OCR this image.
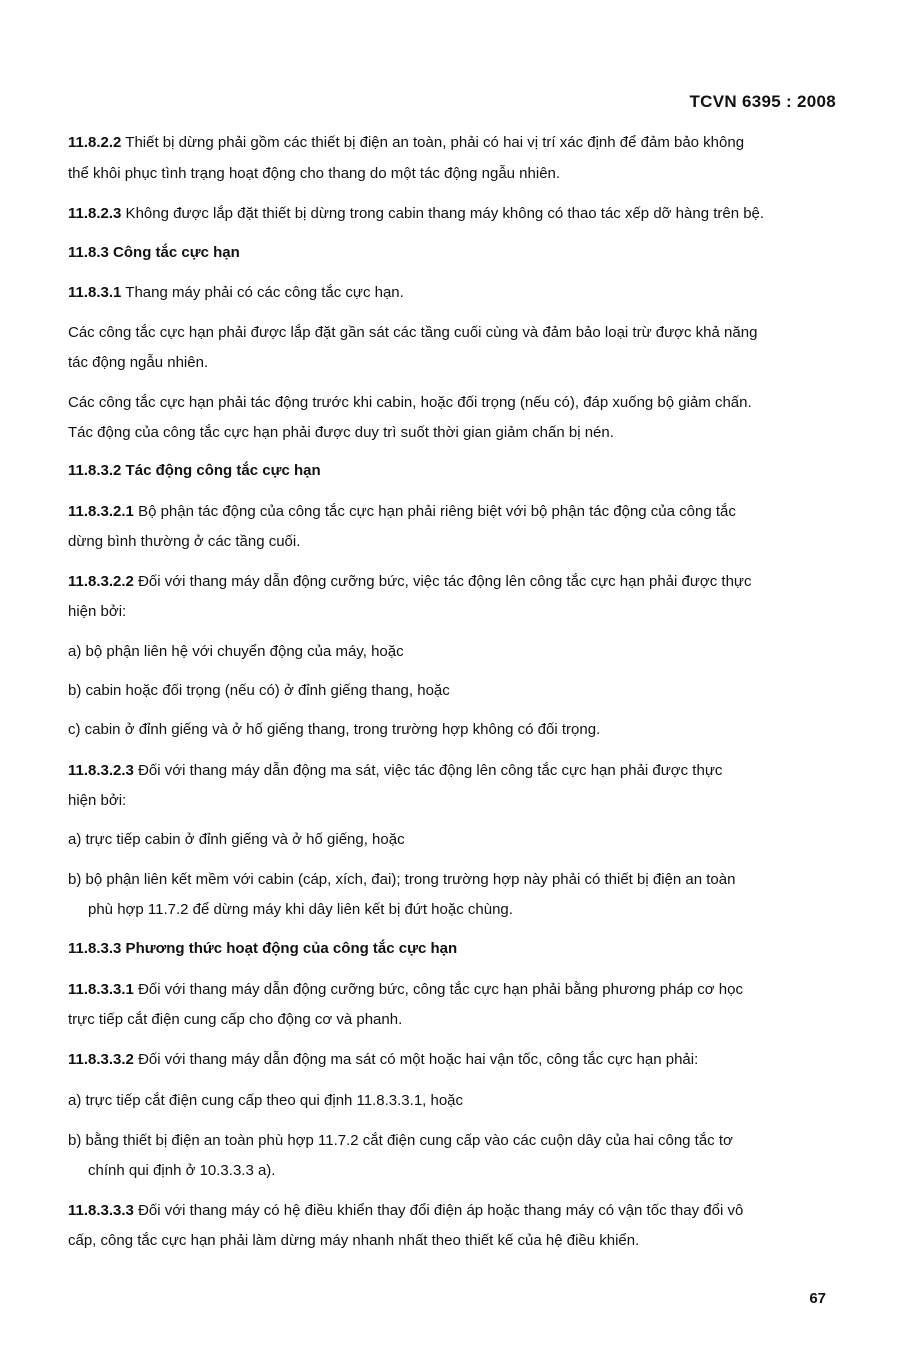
TCVN 6395 : 2008
11.8.2.2 Thiết bị dừng phải gồm các thiết bị điện an toàn, phải có hai vị trí xác định để đảm bảo không
thể khôi phục tình trạng hoạt động cho thang do một tác động ngẫu nhiên.
11.8.2.3 Không được lắp đặt thiết bị dừng trong cabin thang máy không có thao tác xếp dỡ hàng trên bệ.
11.8.3 Công tắc cực hạn
11.8.3.1 Thang máy phải có các công tắc cực hạn.
Các công tắc cực hạn phải được lắp đặt gần sát các tầng cuối cùng và đảm bảo loại trừ được khả năng
tác động ngẫu nhiên.
Các công tắc cực hạn phải tác động trước khi cabin, hoặc đối trọng (nếu có), đáp xuống bộ giảm chấn.
Tác động của công tắc cực hạn phải được duy trì suốt thời gian giảm chấn bị nén.
11.8.3.2 Tác động công tắc cực hạn
11.8.3.2.1 Bộ phận tác động của công tắc cực hạn phải riêng biệt với bộ phận tác động của công tắc
dừng bình thường ở các tầng cuối.
11.8.3.2.2 Đối với thang máy dẫn động cưỡng bức, việc tác động lên công tắc cực hạn phải được thực
hiện bởi:
a) bộ phận liên hệ với chuyển động của máy, hoặc
b) cabin hoặc đối trọng (nếu có) ở đỉnh giếng thang, hoặc
c) cabin ở đỉnh giếng và ở hố giếng thang, trong trường hợp không có đối trọng.
11.8.3.2.3 Đối với thang máy dẫn động ma sát, việc tác động lên công tắc cực hạn phải được thực
hiện bởi:
a) trực tiếp cabin ở đỉnh giếng và ở hố giếng, hoặc
b) bộ phận liên kết mềm với cabin (cáp, xích, đai); trong trường hợp này phải có thiết bị điện an toàn
phù hợp 11.7.2 để dừng máy khi dây liên kết bị đứt hoặc chùng.
11.8.3.3 Phương thức hoạt động của công tắc cực hạn
11.8.3.3.1 Đối với thang máy dẫn động cưỡng bức, công tắc cực hạn phải bằng phương pháp cơ học
trực tiếp cắt điện cung cấp cho động cơ và phanh.
11.8.3.3.2 Đối với thang máy dẫn động ma sát có một hoặc hai vận tốc, công tắc cực hạn phải:
a) trực tiếp cắt điện cung cấp theo qui định 11.8.3.3.1, hoặc
b) bằng thiết bị điện an toàn phù hợp 11.7.2 cắt điện cung cấp vào các cuộn dây của hai công tắc tơ
chính qui định ở 10.3.3.3 a).
11.8.3.3.3 Đối với thang máy có hệ điều khiển thay đổi điện áp hoặc thang máy có vận tốc thay đổi vô
cấp, công tắc cực hạn phải làm dừng máy nhanh nhất theo thiết kế của hệ điều khiển.
67
